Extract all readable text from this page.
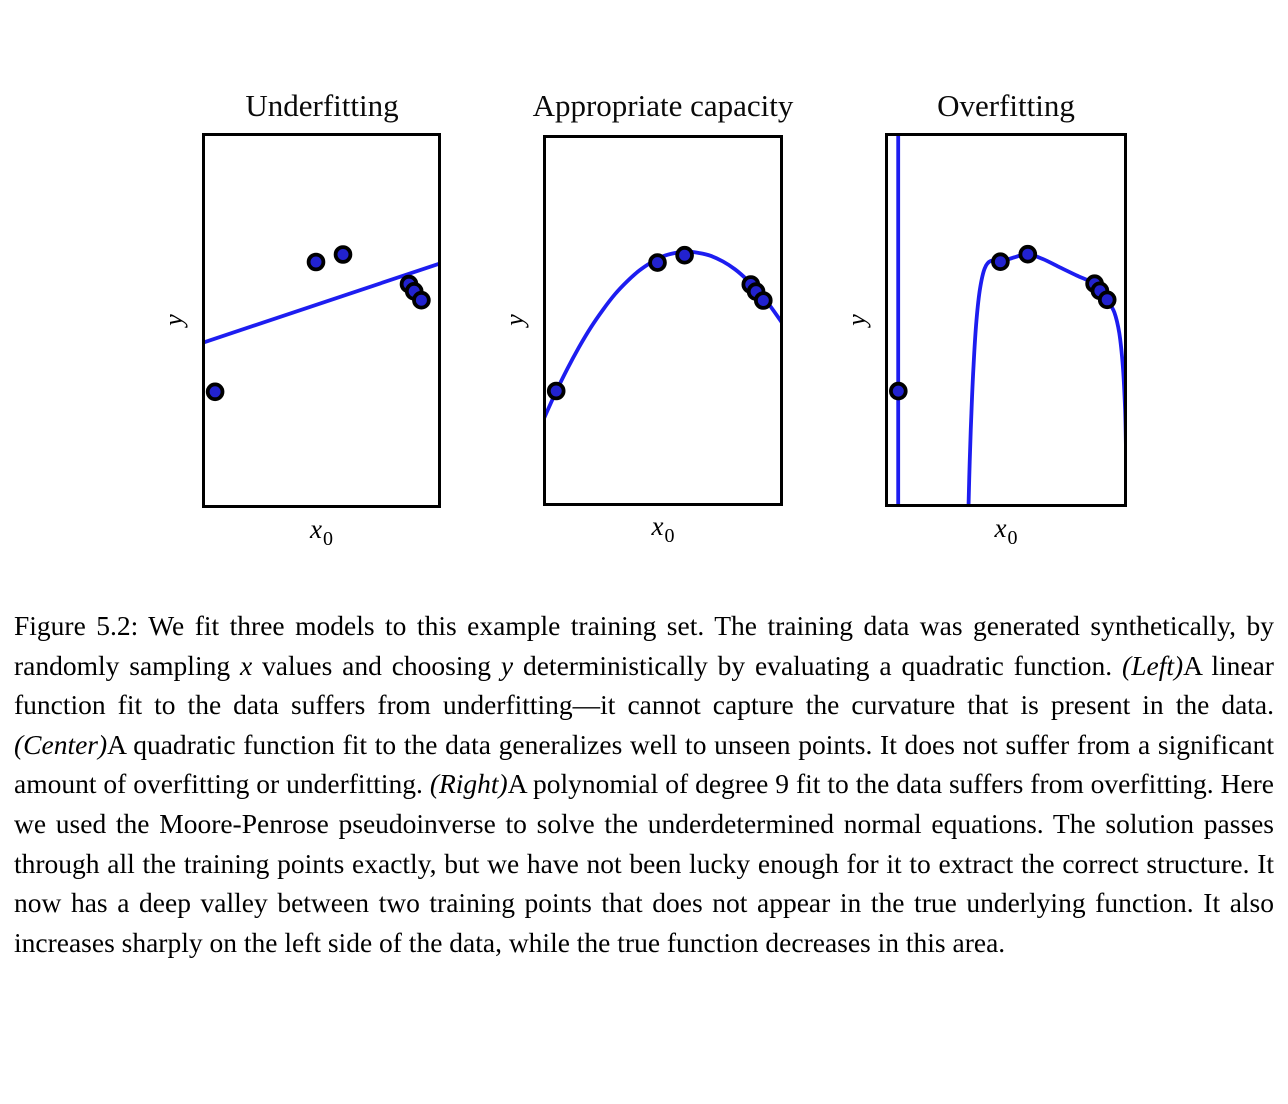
Underfitting
y
$x_0$
Appropriate capacity
y
$x_0$
Overfitting
y
$x_0$
Figure 5.2: We fit three models to this example training set. The training data was generated synthetically, by randomly sampling x values and choosing y deterministically by evaluating a quadratic function. (Left)A linear function fit to the data suffers from underfitting—it cannot capture the curvature that is present in the data. (Center)A quadratic function fit to the data generalizes well to unseen points. It does not suffer from a significant amount of overfitting or underfitting. (Right)A polynomial of degree 9 fit to the data suffers from overfitting. Here we used the Moore-Penrose pseudoinverse to solve the underdetermined normal equations. The solution passes through all the training points exactly, but we have not been lucky enough for it to extract the correct structure. It now has a deep valley between two training points that does not appear in the true underlying function. It also increases sharply on the left side of the data, while the true function decreases in this area.
